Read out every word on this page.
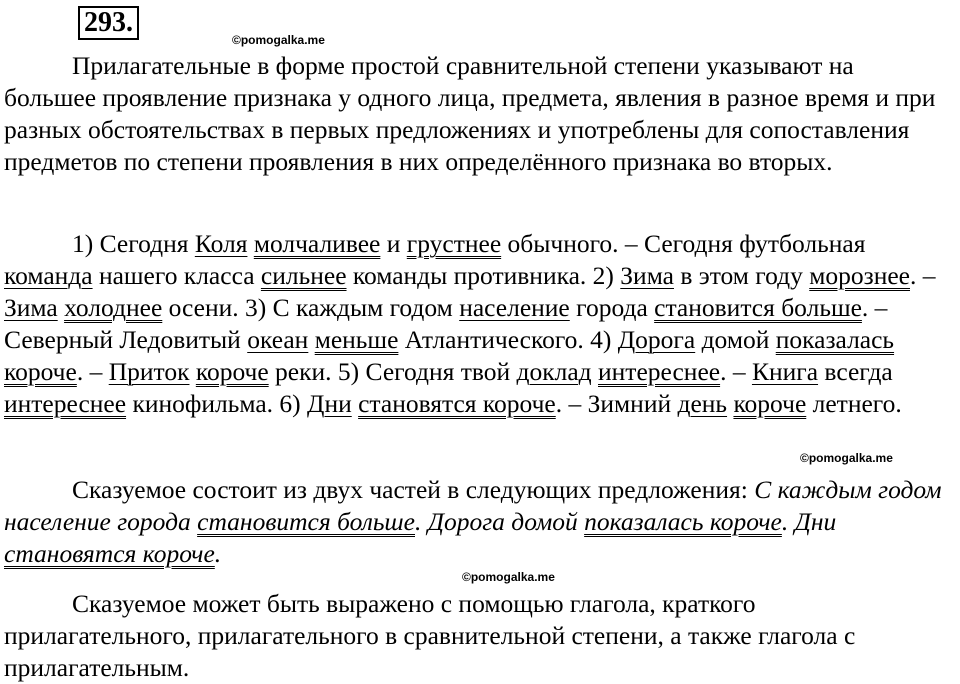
293.
©pomogalka.me

Прилагательные в форме простой сравнительной степени указывают на большее проявление признака у одного лица, предмета, явления в разное время и при разных обстоятельствах в первых предложениях и употреблены для сопоставления предметов по степени проявления в них определённого признака во вторых.

1) Сегодня Коля молчаливее и грустнее обычного. – Сегодня футбольная команда нашего класса сильнее команды противника. 2) Зима в этом году морознее. – Зима холоднее осени. 3) С каждым годом население города становится больше. – Северный Ледовитый океан меньше Атлантического. 4) Дорога домой показалась короче. – Приток короче реки. 5) Сегодня твой доклад интереснее. – Книга всегда интереснее кинофильма. 6) Дни становятся короче. – Зимний день короче летнего.

©pomogalka.me

Сказуемое состоит из двух частей в следующих предложения: С каждым годом население города становится больше. Дорога домой показалась короче. Дни становятся короче.

©pomogalka.me

Сказуемое может быть выражено с помощью глагола, краткого прилагательного, прилагательного в сравнительной степени, а также глагола с прилагательным.
